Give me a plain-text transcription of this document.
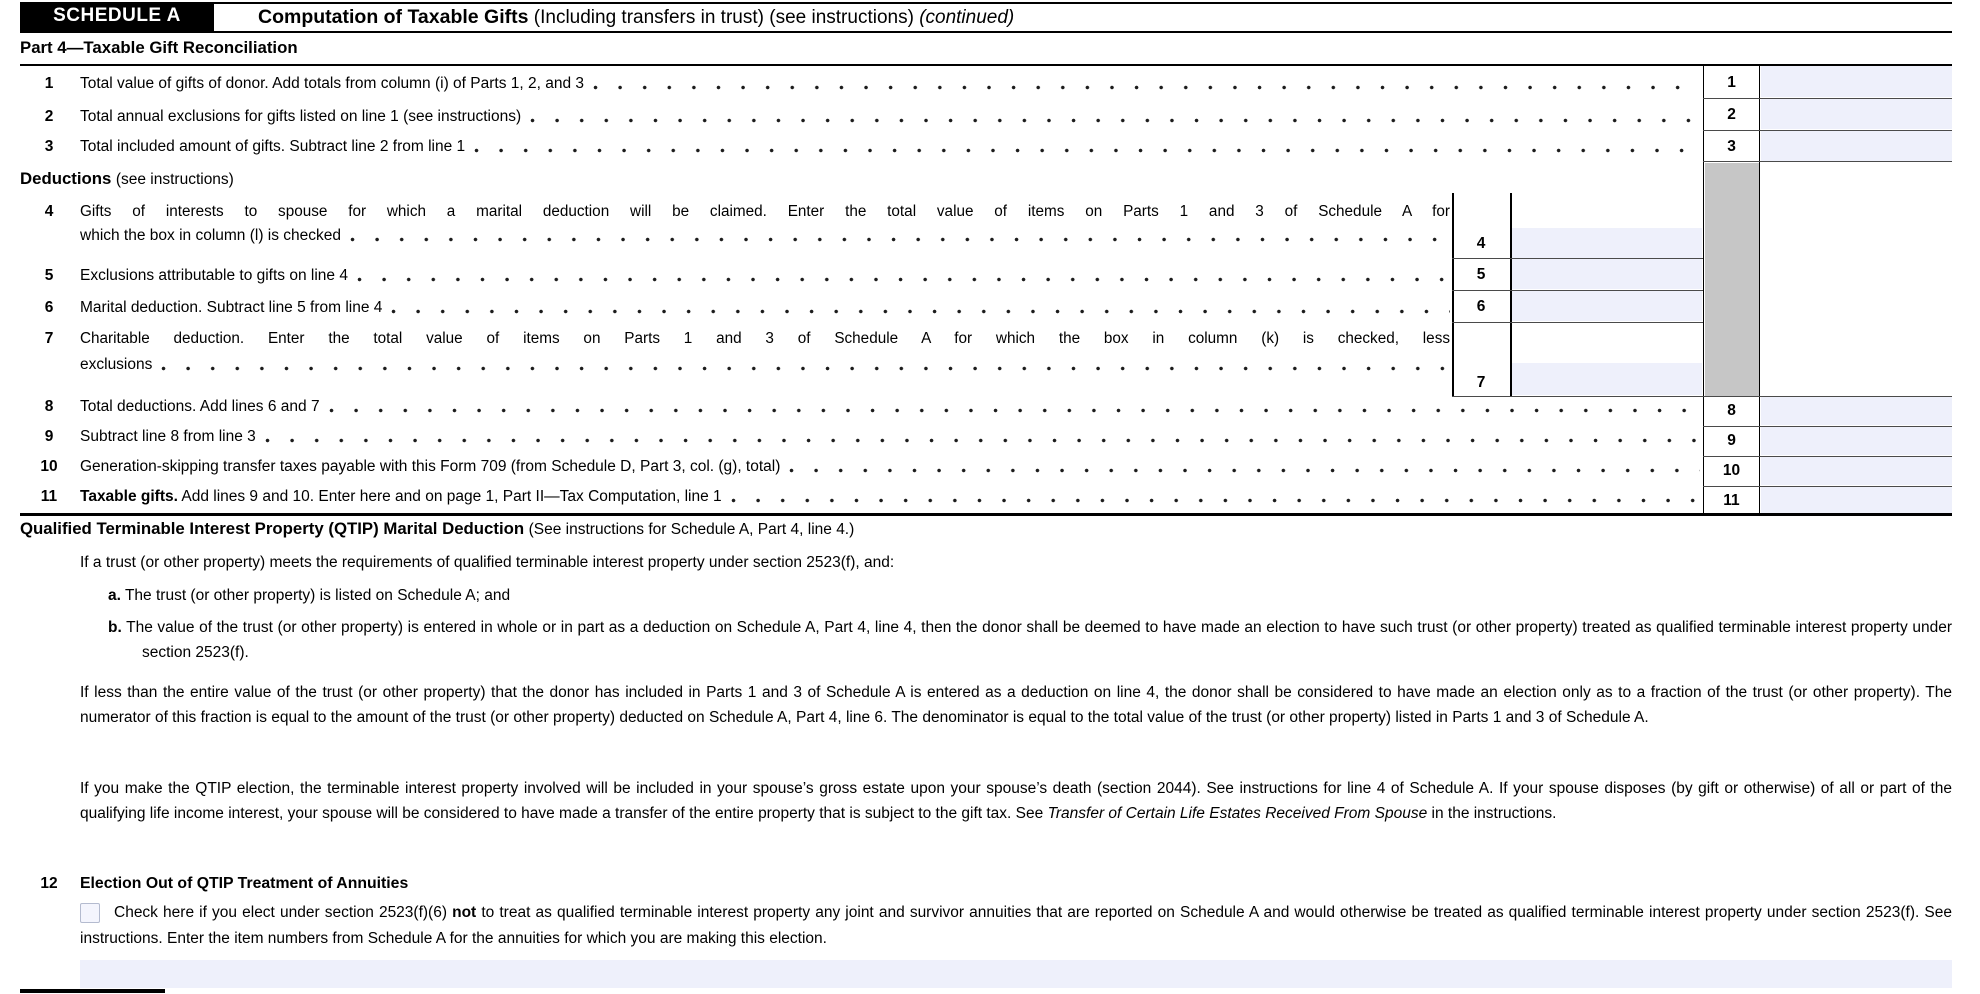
SCHEDULE A	Computation of Taxable Gifts (Including transfers in trust) (see instructions) (continued)
Part 4—Taxable Gift Reconciliation
1
2
3
4
5
6
7
8
9
10
11
1
2
3
4
5
6
7
8
9
10
11
Total value of gifts of donor. Add totals from column (i) of Parts 1, 2, and 3
Total annual exclusions for gifts listed on line 1 (see instructions)
Total included amount of gifts. Subtract line 2 from line 1
Deductions (see instructions)
Gifts of interests to spouse for which a marital deduction will be claimed. Enter the total value of items on Parts 1 and 3 of Schedule A for
which the box in column (l) is checked
Exclusions attributable to gifts on line 4
Marital deduction. Subtract line 5 from line 4
Charitable deduction. Enter the total value of items on Parts 1 and 3 of Schedule A for which the box in column (k) is checked, less
exclusions
Total deductions. Add lines 6 and 7
Subtract line 8 from line 3
Generation-skipping transfer taxes payable with this Form 709 (from Schedule D, Part 3, col. (g), total)
Taxable gifts. Add lines 9 and 10. Enter here and on page 1, Part II—Tax Computation, line 1
Qualified Terminable Interest Property (QTIP) Marital Deduction (See instructions for Schedule A, Part 4, line 4.)
If a trust (or other property) meets the requirements of qualified terminable interest property under section 2523(f), and:
a. The trust (or other property) is listed on Schedule A; and
b. The value of the trust (or other property) is entered in whole or in part as a deduction on Schedule A, Part 4, line 4, then the donor shall be deemed to have made an election to have such trust (or other property) treated as qualified terminable interest property under section 2523(f).
If less than the entire value of the trust (or other property) that the donor has included in Parts 1 and 3 of Schedule A is entered as a deduction on line 4, the donor shall be considered to have made an election only as to a fraction of the trust (or other property). The numerator of this fraction is equal to the amount of the trust (or other property) deducted on Schedule A, Part 4, line 6. The denominator is equal to the total value of the trust (or other property) listed in Parts 1 and 3 of Schedule A.
If you make the QTIP election, the terminable interest property involved will be included in your spouse’s gross estate upon your spouse’s death (section 2044). See instructions for line 4 of Schedule A. If your spouse disposes (by gift or otherwise) of all or part of the qualifying life income interest, your spouse will be considered to have made a transfer of the entire property that is subject to the gift tax. See Transfer of Certain Life Estates Received From Spouse in the instructions.
12	Election Out of QTIP Treatment of Annuities
Check here if you elect under section 2523(f)(6) not to treat as qualified terminable interest property any joint and survivor annuities that are reported on Schedule A and would otherwise be treated as qualified terminable interest property under section 2523(f). See instructions. Enter the item numbers from Schedule A for the annuities for which you are making this election.
